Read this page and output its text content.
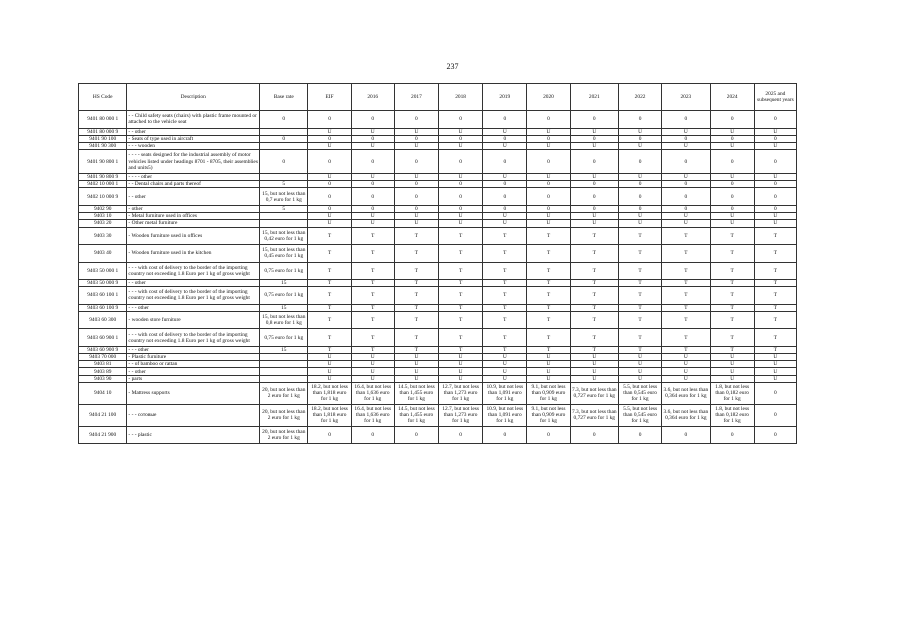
237
HS Code	Description	Base rate	EIF	2016	2017	2018	2019	2020	2021	2022	2023	2024	2025 and subsequent years
9401 80 000 1	- - Child safety seats (chairs) with plastic frame mounted or attached to the vehicle seat	0	0	0	0	0	0	0	0	0	0	0	0
9401 80 000 9	- - other		U	U	U	U	U	U	U	U	U	U	U
9401 90 100	- Seats of type used in aircraft	0	0	0	0	0	0	0	0	0	0	0	0
9401 90 300	- - - wooden		U	U	U	U	U	U	U	U	U	U	U
9401 90 800 1	- - - - seats designed for the industrial assembly of motor vehicles listed under headings 8701 - 8705, their assemblies and units5)	0	0	0	0	0	0	0	0	0	0	0	0
9401 90 800 9	- - - - other		U	U	U	U	U	U	U	U	U	U	U
9402 10 000 1	- - Dental chairs and parts thereof	5	0	0	0	0	0	0	0	0	0	0	0
9402 10 000 9	- - other	15, but not less than 0,7 euro for 1 kg	0	0	0	0	0	0	0	0	0	0	0
9402 90	- other	5	0	0	0	0	0	0	0	0	0	0	0
9403 10	- Metal furniture used in offices		U	U	U	U	U	U	U	U	U	U	U
9403 20	- Other metal furniture		U	U	U	U	U	U	U	U	U	U	U
9403 30	- Wooden furniture used in offices	15, but not less than 0,42 euro for 1 kg	T	T	T	T	T	T	T	T	T	T	T
9403 40	- Wooden furniture used in the kitchen	15, but not less than 0,45 euro for 1 kg	T	T	T	T	T	T	T	T	T	T	T
9403 50 000 1	- - - with cost of delivery to the border of the importing country not exceeding 1.8 Euro per 1 kg of gross weight	0,75 euro for 1 kg	T	T	T	T	T	T	T	T	T	T	T
9403 50 000 9	- - other	15	T	T	T	T	T	T	T	T	T	T	T
9403 60 100 1	- - - with cost of delivery to the border of the importing country not exceeding 1.8 Euro per 1 kg of gross weight	0,75 euro for 1 kg	T	T	T	T	T	T	T	T	T	T	T
9403 60 100 9	- - - other	15	T	T	T	T	T	T	T	T	T	T	T
9403 60 300	- wooden store furniture	15, but not less than 0,8 euro for 1 kg	T	T	T	T	T	T	T	T	T	T	T
9403 60 900 1	- - - with cost of delivery to the border of the importing country not exceeding 1.8 Euro per 1 kg of gross weight	0,75 euro for 1 kg	T	T	T	T	T	T	T	T	T	T	T
9403 60 900 9	- - - other	15	T	T	T	T	T	T	T	T	T	T	T
9403 70 000	- Plastic furniture		U	U	U	U	U	U	U	U	U	U	U
9403 81	- - of bamboo or rattan		U	U	U	U	U	U	U	U	U	U	U
9403 89	- - other		U	U	U	U	U	U	U	U	U	U	U
9403 90	- parts		U	U	U	U	U	U	U	U	U	U	U
9404 10	- Mattress supports	20, but not less than 2 euro for 1 kg	18.2, but not less than 1,818 euro for 1 kg	16.4, but not less than 1,636 euro for 1 kg	14.5, but not less than 1,455 euro for 1 kg	12.7, but not less than 1,273 euro for 1 kg	10.9, but not less than 1,091 euro for 1 kg	9.1, but not less than 0,909 euro for 1 kg	7.3, but not less than 0,727 euro for 1 kg	5.5, but not less than 0,545 euro for 1 kg	3.6, but not less than 0,364 euro for 1 kg	1.8, but not less than 0,182 euro for 1 kg	0
9404 21 100	- - - cотовые	20, but not less than 2 euro for 1 kg	18.2, but not less than 1,818 euro for 1 kg	16.4, but not less than 1,636 euro for 1 kg	14.5, but not less than 1,455 euro for 1 kg	12.7, but not less than 1,273 euro for 1 kg	10.9, but not less than 1,091 euro for 1 kg	9.1, but not less than 0,909 euro for 1 kg	7.3, but not less than 0,727 euro for 1 kg	5.5, but not less than 0,545 euro for 1 kg	3.6, but not less than 0,364 euro for 1 kg	1.8, but not less than 0,182 euro for 1 kg	0
9404 21 900	- - - plastic	20, but not less than 2 euro for 1 kg	0	0	0	0	0	0	0	0	0	0	0
